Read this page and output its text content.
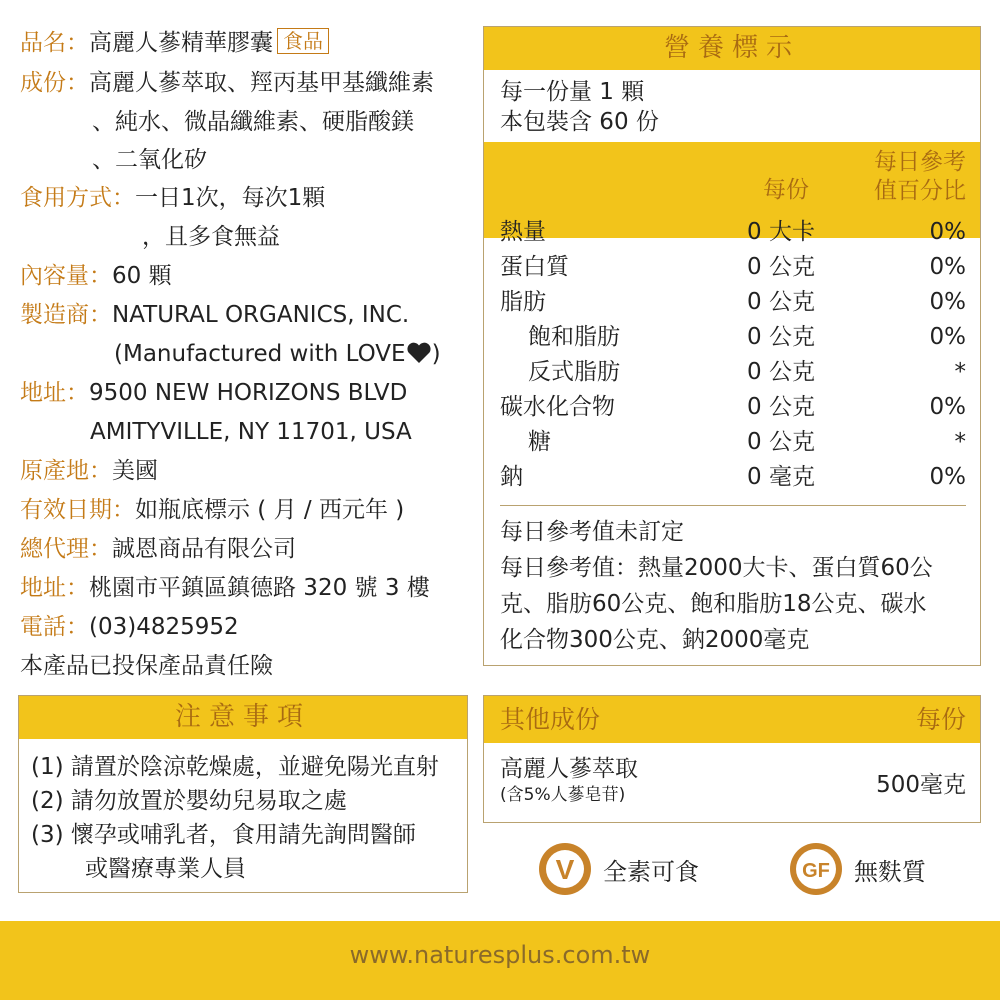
品名：高麗人蔘精華膠囊 食品
成份：高麗人蔘萃取、羥丙基甲基纖維素
、純水、微晶纖維素、硬脂酸鎂
、二氧化矽
食用方式：一日1次，每次1顆
，且多食無益
內容量：60 顆
製造商：NATURAL ORGANICS, INC.
(Manufactured with LOVE )
地址：9500 NEW HORIZONS BLVD
AMITYVILLE, NY 11701, USA
原產地：美國
有效日期：如瓶底標示 ( 月 / 西元年 )
總代理：誠恩商品有限公司
地址：桃園市平鎮區鎮德路 320 號 3 樓
電話：(03)4825952
本產品已投保產品責任險
營養標示
每一份量 1 顆
本包裝含 60 份
每份
每日參考
值百分比
熱量	0 大卡	0%
蛋白質	0 公克	0%
脂肪	0 公克	0%
飽和脂肪	0 公克	0%
反式脂肪	0 公克	*
碳水化合物	0 公克	0%
糖	0 公克	*
鈉	0 毫克	0%
每日參考值未訂定
每日參考值：熱量2000大卡、蛋白質60公
克、脂肪60公克、飽和脂肪18公克、碳水
化合物300公克、鈉2000毫克
注意事項
(1) 請置於陰涼乾燥處，並避免陽光直射
(2) 請勿放置於嬰幼兒易取之處
(3) 懷孕或哺乳者，食用請先詢問醫師
或醫療專業人員
其他成份	每份
高麗人蔘萃取
(含5%人蔘皂苷)	500毫克
V 全素可食	GF 無麩質
www.naturesplus.com.tw
